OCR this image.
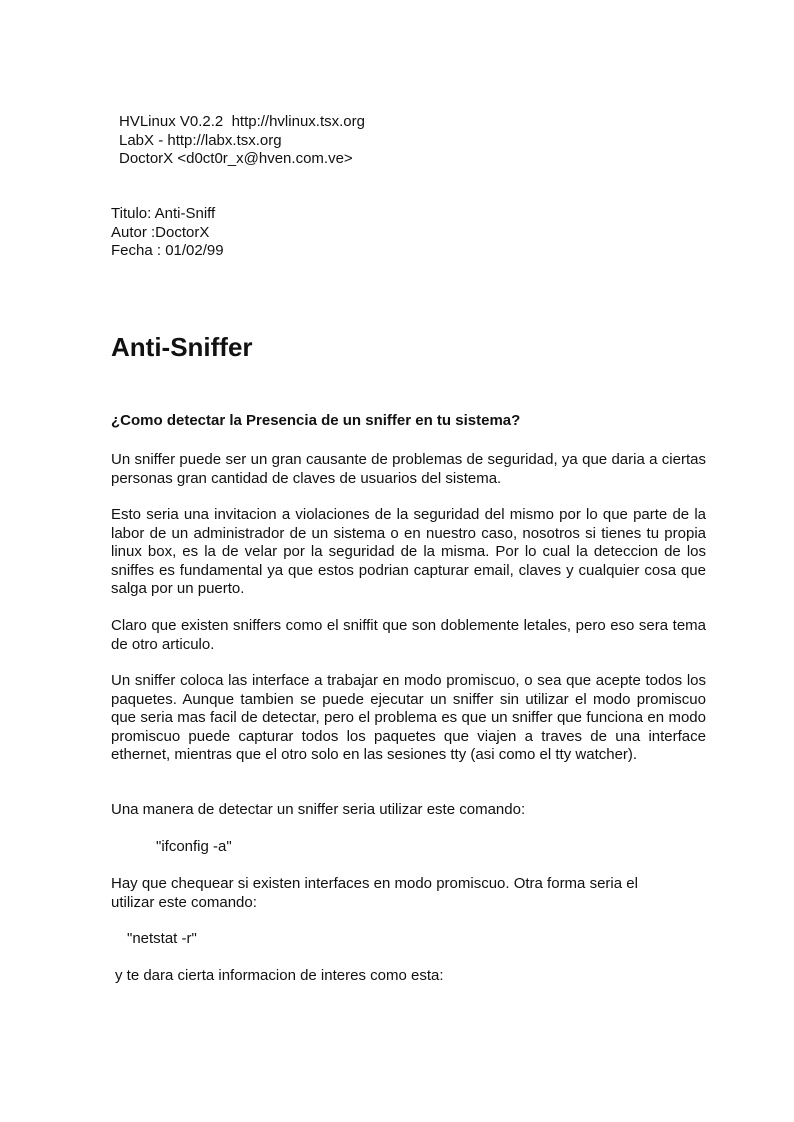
HVLinux V0.2.2  http://hvlinux.tsx.org
LabX - http://labx.tsx.org
DoctorX <d0ct0r_x@hven.com.ve>
Titulo: Anti-Sniff
Autor :DoctorX
Fecha : 01/02/99
Anti-Sniffer
¿Como detectar la Presencia de un sniffer en tu sistema?

Un sniffer puede ser un gran causante de problemas de seguridad, ya que daria a ciertas personas gran cantidad de claves de usuarios del sistema.

Esto seria una invitacion a violaciones de la seguridad del mismo por lo que parte de la labor de un administrador de un sistema o en nuestro caso, nosotros si tienes tu propia linux box, es la de velar por la seguridad de la misma. Por lo cual la deteccion de los sniffes es fundamental ya que estos podrian capturar email, claves y cualquier cosa que salga por un puerto.

Claro que existen sniffers como el sniffit que son doblemente letales, pero eso sera tema de otro articulo.

Un sniffer coloca las interface a trabajar en modo promiscuo, o sea que acepte todos los paquetes. Aunque tambien se puede ejecutar un sniffer sin utilizar el modo promiscuo que seria mas facil de detectar, pero el problema es que un sniffer que funciona en modo promiscuo puede capturar todos los paquetes que viajen a traves de una interface ethernet, mientras que el otro solo en las sesiones tty (asi como el tty watcher).

Una manera de detectar un sniffer seria utilizar este comando:

"ifconfig -a"

Hay que chequear si existen interfaces en modo promiscuo. Otra forma seria el utilizar este comando:

"netstat -r"

y te dara cierta informacion de interes como esta:
